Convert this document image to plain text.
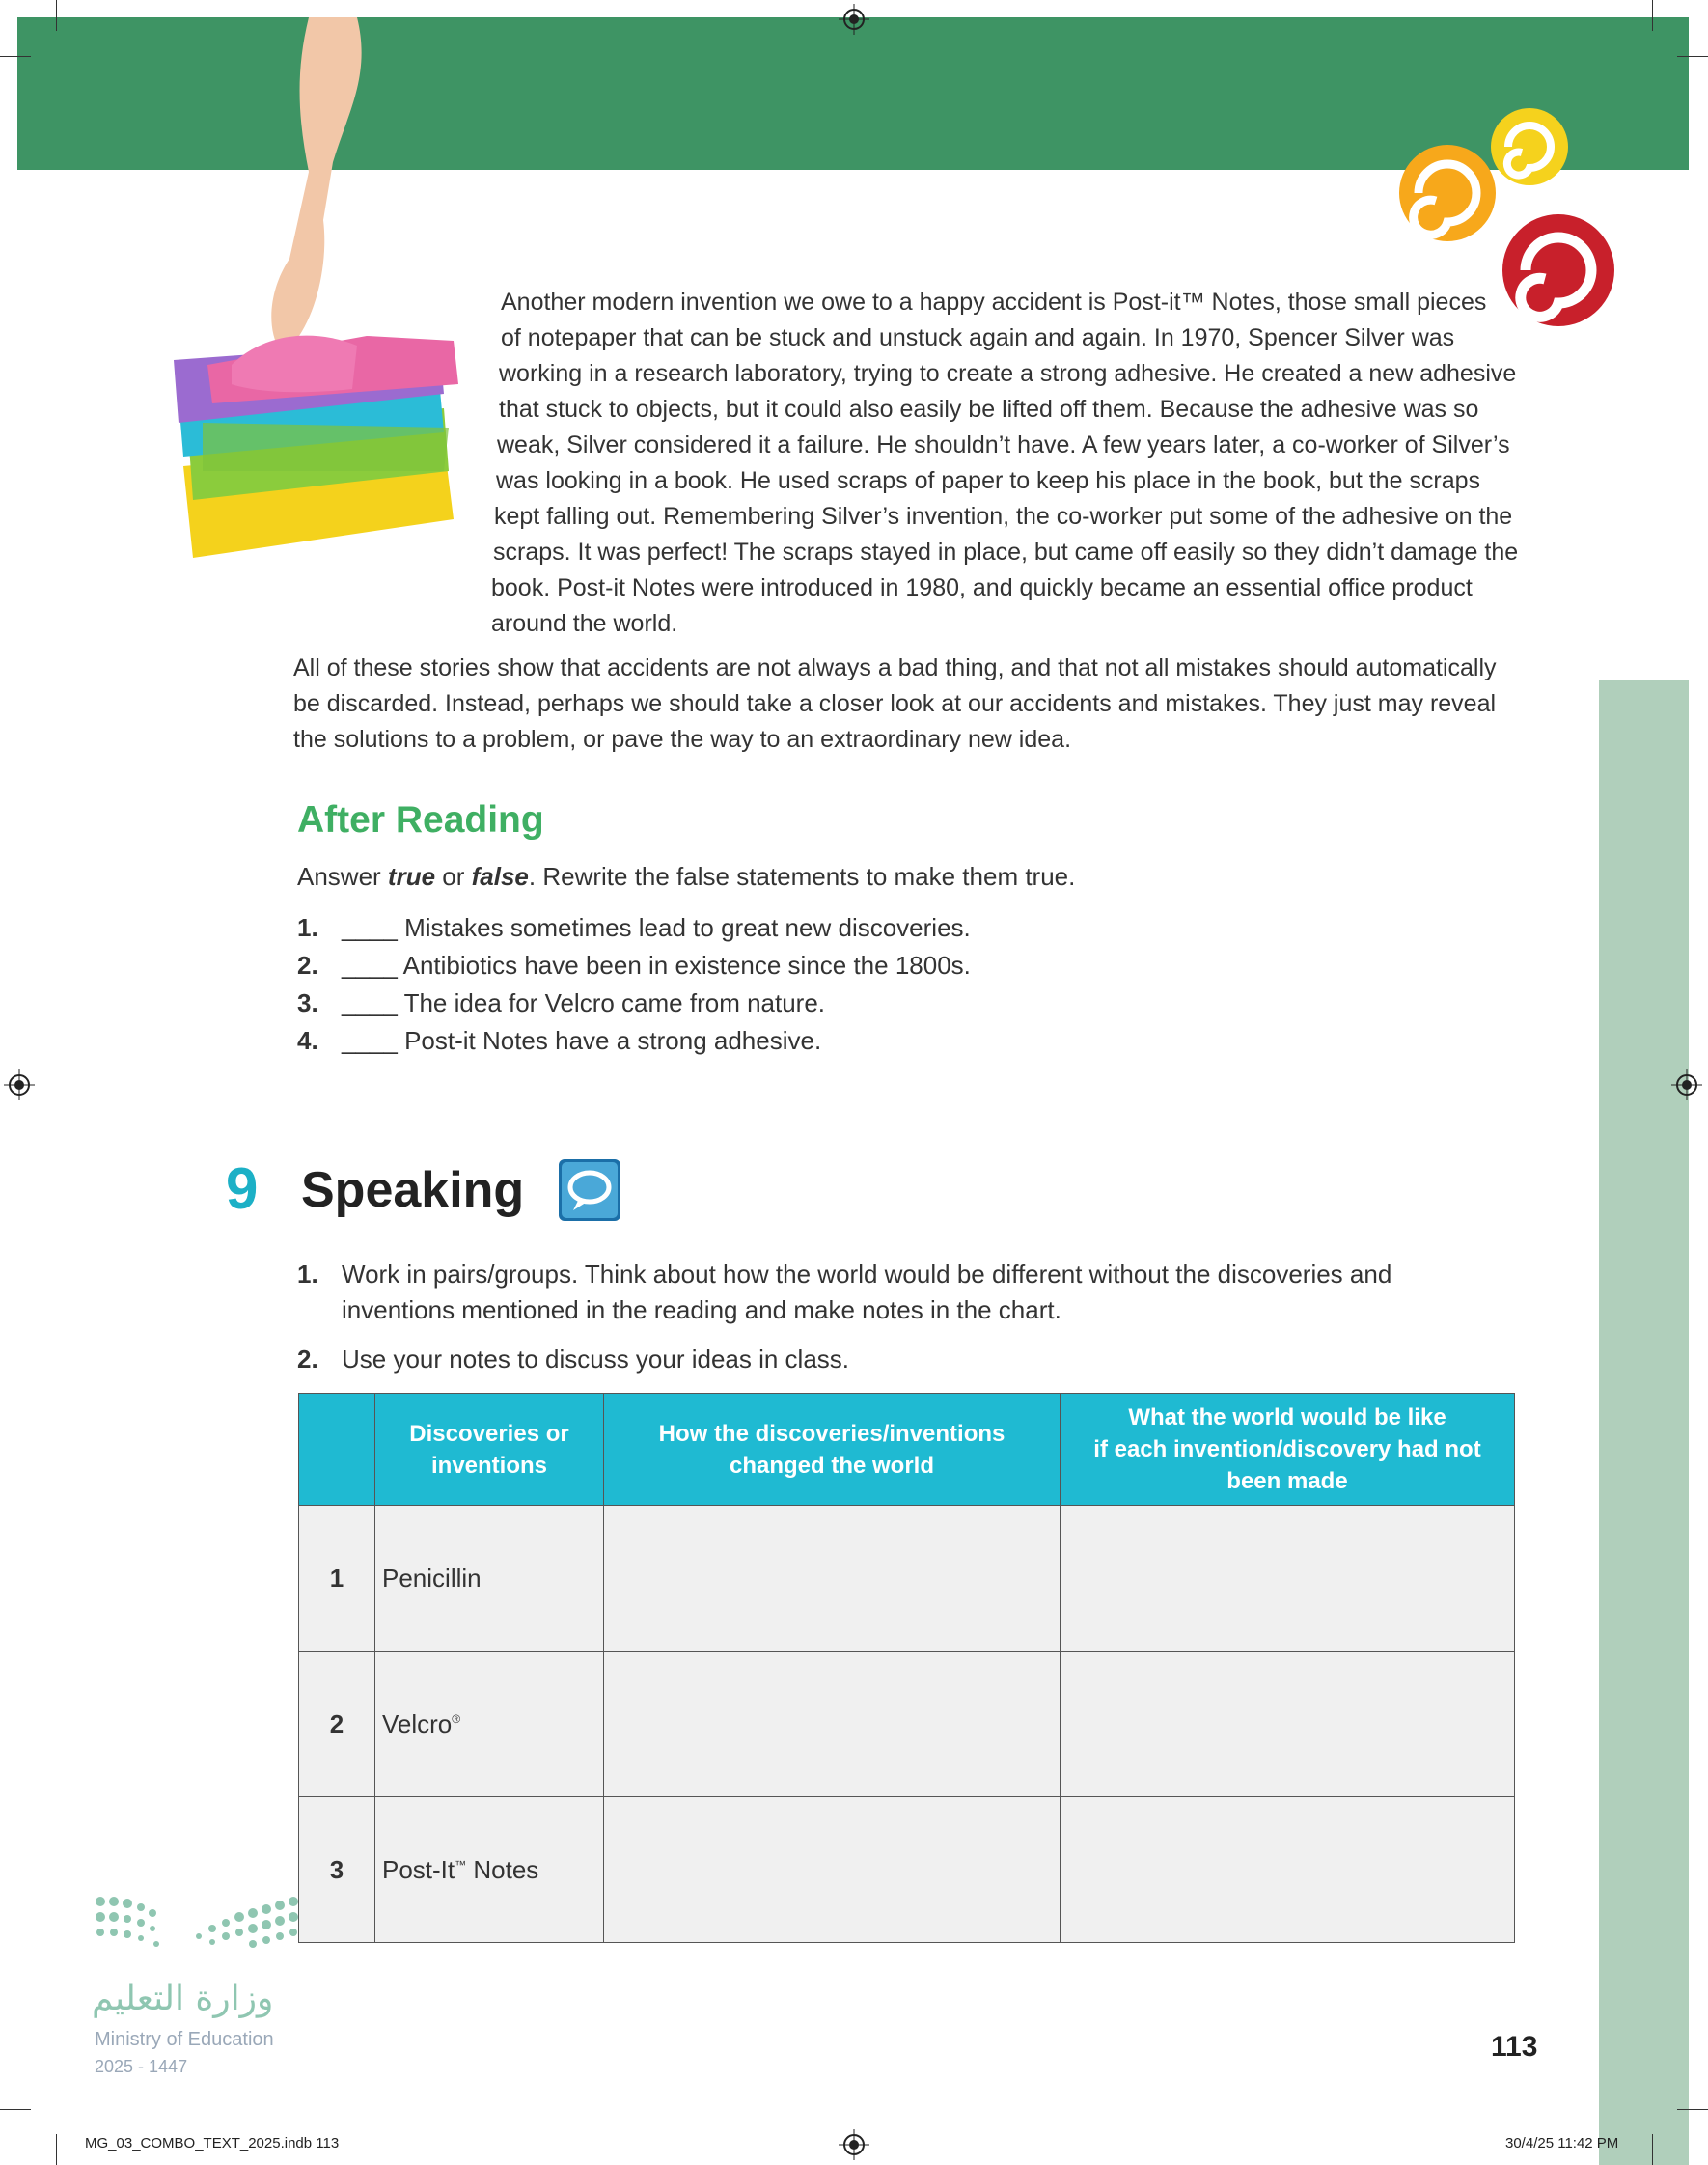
Another modern invention we owe to a happy accident is Post-it™ Notes, those small pieces
of notepaper that can be stuck and unstuck again and again. In 1970, Spencer Silver was
working in a research laboratory, trying to create a strong adhesive. He created a new adhesive
that stuck to objects, but it could also easily be lifted off them. Because the adhesive was so
weak, Silver considered it a failure. He shouldn’t have. A few years later, a co-worker of Silver’s
was looking in a book. He used scraps of paper to keep his place in the book, but the scraps
kept falling out. Remembering Silver’s invention, the co-worker put some of the adhesive on the
scraps. It was perfect! The scraps stayed in place, but came off easily so they didn’t damage the
book. Post-it Notes were introduced in 1980, and quickly became an essential office product
around the world.
All of these stories show that accidents are not always a bad thing, and that not all mistakes should automatically
be discarded. Instead, perhaps we should take a closer look at our accidents and mistakes. They just may reveal
the solutions to a problem, or pave the way to an extraordinary new idea.
After Reading
Answer true or false. Rewrite the false statements to make them true.
1. ____ Mistakes sometimes lead to great new discoveries.
2. ____ Antibiotics have been in existence since the 1800s.
3. ____ The idea for Velcro came from nature.
4. ____ Post-it Notes have a strong adhesive.
9 Speaking
1. Work in pairs/groups. Think about how the world would be different without the discoveries and
inventions mentioned in the reading and make notes in the chart.
2. Use your notes to discuss your ideas in class.
	Discoveries or
inventions	How the discoveries/inventions
changed the world	What the world would be like
if each invention/discovery had not
been made
1	Penicillin		
2	Velcro®		
3	Post-It™ Notes		
وزارة التعليم
Ministry of Education
2025 - 1447
113
MG_03_COMBO_TEXT_2025.indb 113	30/4/25 11:42 PM
